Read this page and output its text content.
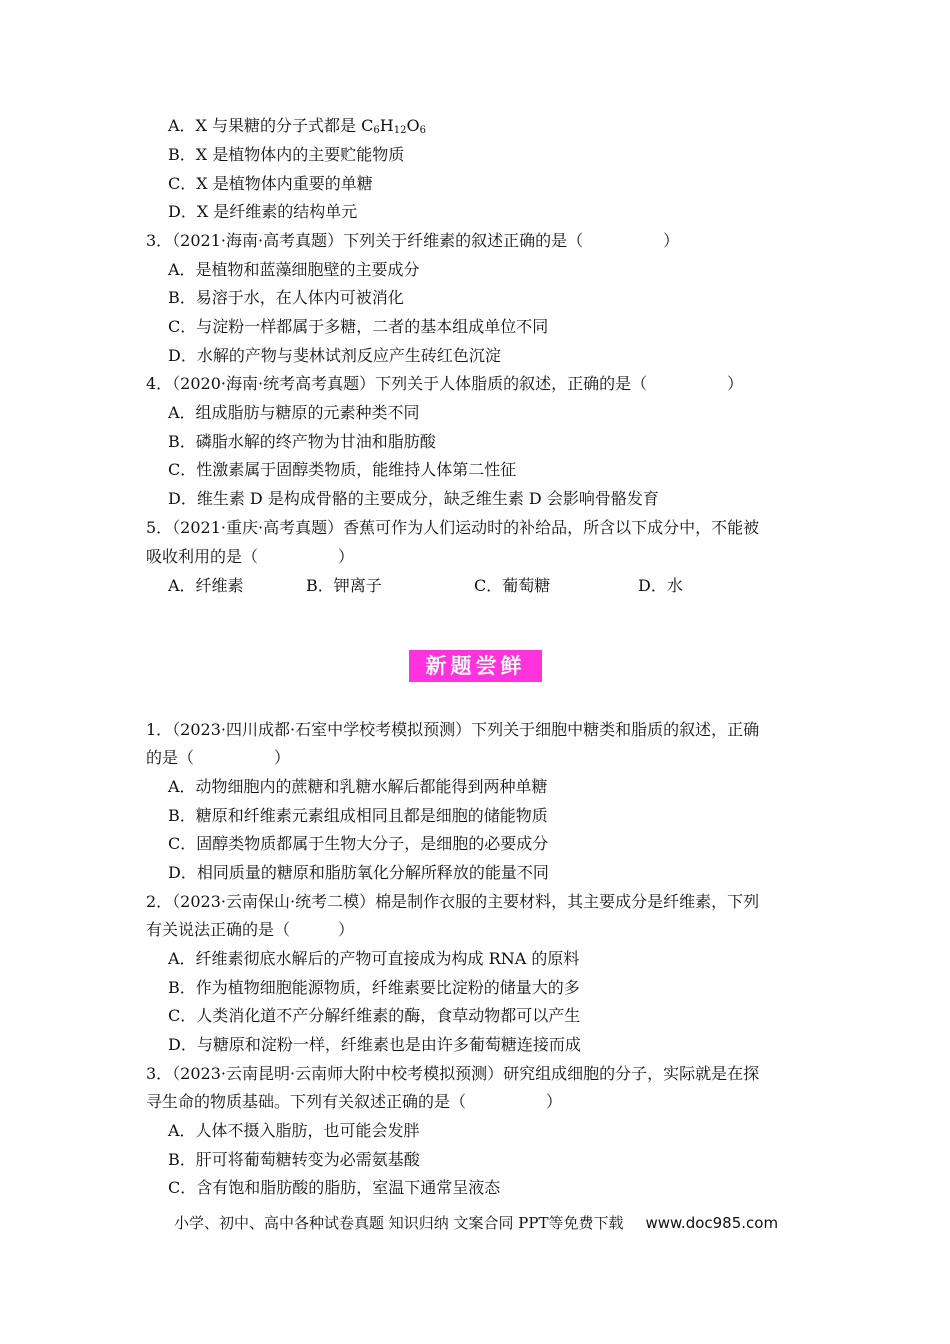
A．X 与果糖的分子式都是 $C_6H_{12}O_6$
B．X 是植物体内的主要贮能物质
C．X 是植物体内重要的单糖
D．X 是纤维素的结构单元
3．（2021·海南·高考真题）下列关于纤维素的叙述正确的是（　　　　　）
A．是植物和蓝藻细胞壁的主要成分
B．易溶于水，在人体内可被消化
C．与淀粉一样都属于多糖，二者的基本组成单位不同
D．水解的产物与斐林试剂反应产生砖红色沉淀
4．（2020·海南·统考高考真题）下列关于人体脂质的叙述，正确的是（　　　　　）
A．组成脂肪与糖原的元素种类不同
B．磷脂水解的终产物为甘油和脂肪酸
C．性激素属于固醇类物质，能维持人体第二性征
D．维生素 D 是构成骨骼的主要成分，缺乏维生素 D 会影响骨骼发育
5．（2021·重庆·高考真题）香蕉可作为人们运动时的补给品，所含以下成分中，不能被
吸收利用的是（　　　　　）
A．纤维素	B．钾离子	C．葡萄糖	D．水
新题尝鲜
1．（2023·四川成都·石室中学校考模拟预测）下列关于细胞中糖类和脂质的叙述，正确
的是（　　　　　）
A．动物细胞内的蔗糖和乳糖水解后都能得到两种单糖
B．糖原和纤维素元素组成相同且都是细胞的储能物质
C．固醇类物质都属于生物大分子，是细胞的必要成分
D．相同质量的糖原和脂肪氧化分解所释放的能量不同
2．（2023·云南保山·统考二模）棉是制作衣服的主要材料，其主要成分是纤维素，下列
有关说法正确的是（　　　）
A．纤维素彻底水解后的产物可直接成为构成 RNA 的原料
B．作为植物细胞能源物质，纤维素要比淀粉的储量大的多
C．人类消化道不产分解纤维素的酶，食草动物都可以产生
D．与糖原和淀粉一样，纤维素也是由许多葡萄糖连接而成
3．（2023·云南昆明·云南师大附中校考模拟预测）研究组成细胞的分子，实际就是在探
寻生命的物质基础。下列有关叙述正确的是（　　　　　）
A．人体不摄入脂肪，也可能会发胖
B．肝可将葡萄糖转变为必需氨基酸
C．含有饱和脂肪酸的脂肪，室温下通常呈液态
小学、初中、高中各种试卷真题 知识归纳 文案合同 PPT等免费下载 www.doc985.com
